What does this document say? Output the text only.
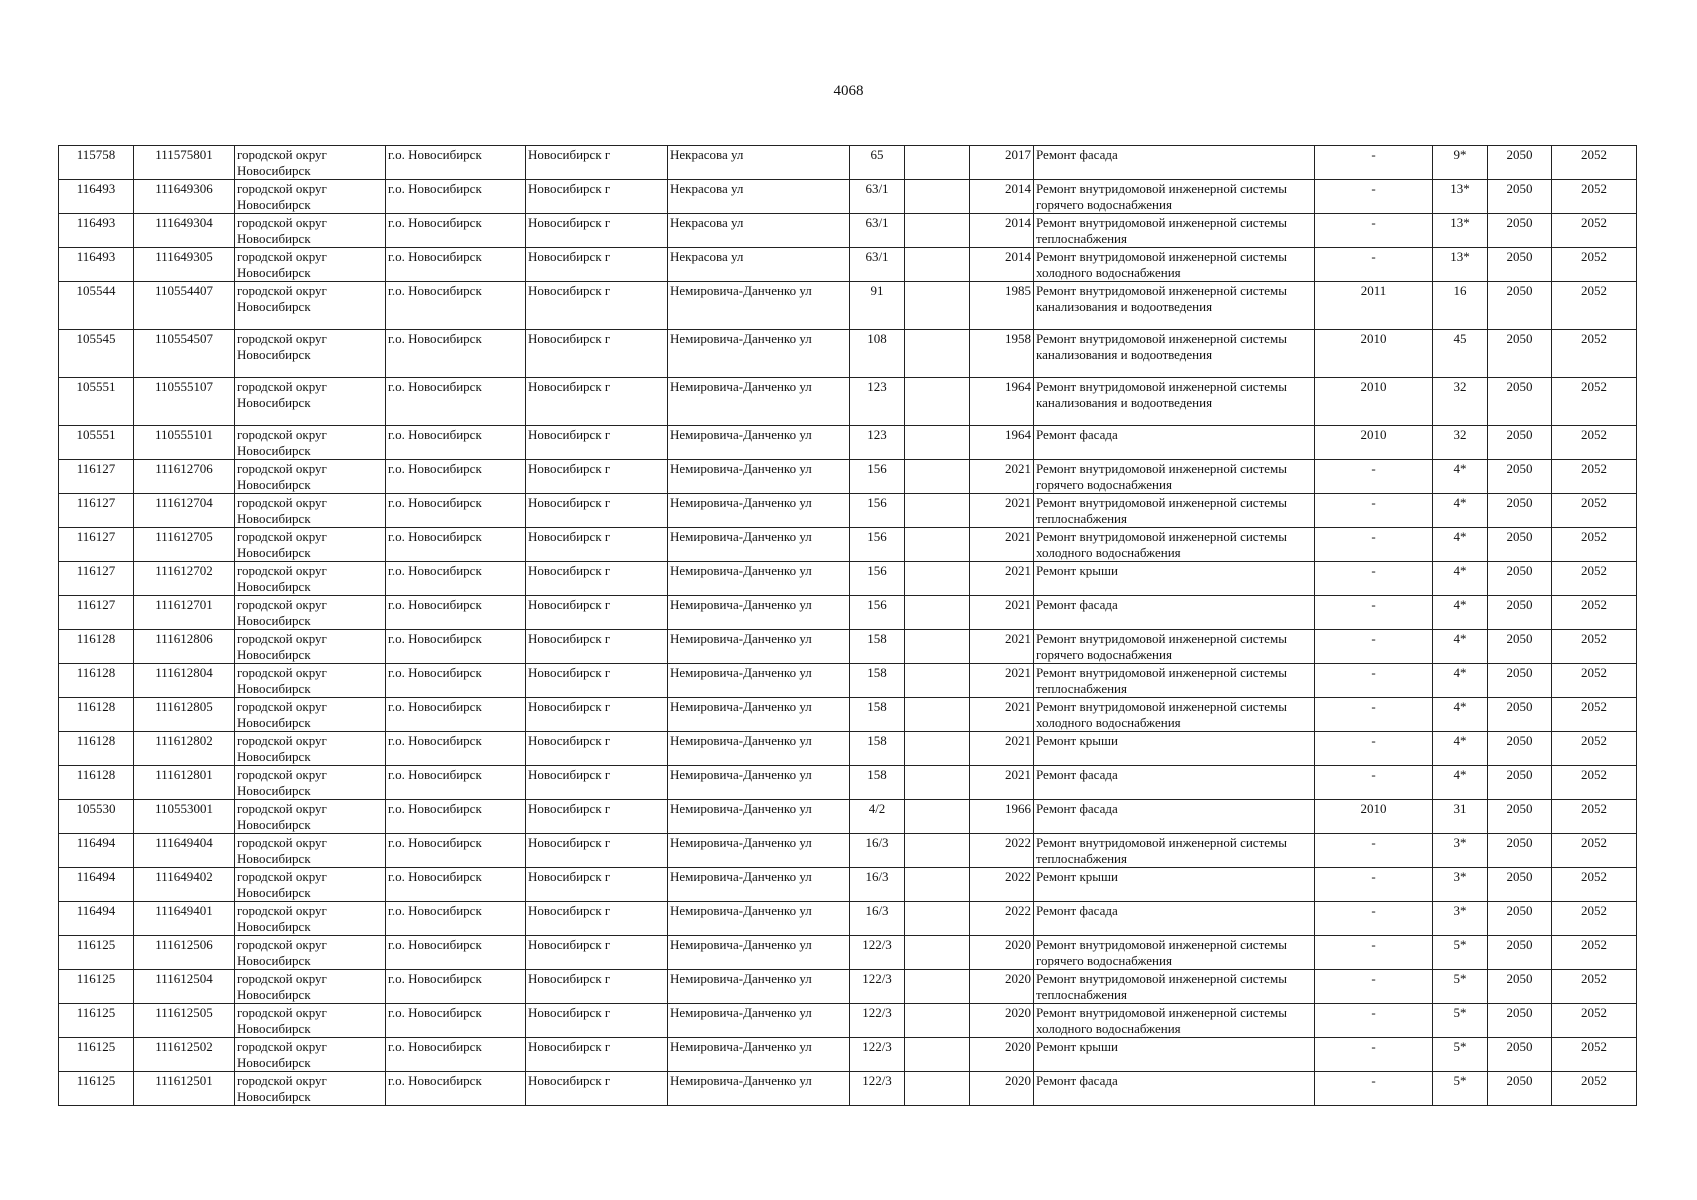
4068
115758	111575801	городской округ Новосибирск	г.о. Новосибирск	Новосибирск г	Некрасова ул	65		2017	Ремонт фасада	-	9*	2050	2052
116493	111649306	городской округ Новосибирск	г.о. Новосибирск	Новосибирск г	Некрасова ул	63/1		2014	Ремонт внутридомовой инженерной системы горячего водоснабжения	-	13*	2050	2052
116493	111649304	городской округ Новосибирск	г.о. Новосибирск	Новосибирск г	Некрасова ул	63/1		2014	Ремонт внутридомовой инженерной системы теплоснабжения	-	13*	2050	2052
116493	111649305	городской округ Новосибирск	г.о. Новосибирск	Новосибирск г	Некрасова ул	63/1		2014	Ремонт внутридомовой инженерной системы холодного водоснабжения	-	13*	2050	2052
105544	110554407	городской округ Новосибирск	г.о. Новосибирск	Новосибирск г	Немировича-Данченко ул	91		1985	Ремонт внутридомовой инженерной системы канализования и водоотведения	2011	16	2050	2052
105545	110554507	городской округ Новосибирск	г.о. Новосибирск	Новосибирск г	Немировича-Данченко ул	108		1958	Ремонт внутридомовой инженерной системы канализования и водоотведения	2010	45	2050	2052
105551	110555107	городской округ Новосибирск	г.о. Новосибирск	Новосибирск г	Немировича-Данченко ул	123		1964	Ремонт внутридомовой инженерной системы канализования и водоотведения	2010	32	2050	2052
105551	110555101	городской округ Новосибирск	г.о. Новосибирск	Новосибирск г	Немировича-Данченко ул	123		1964	Ремонт фасада	2010	32	2050	2052
116127	111612706	городской округ Новосибирск	г.о. Новосибирск	Новосибирск г	Немировича-Данченко ул	156		2021	Ремонт внутридомовой инженерной системы горячего водоснабжения	-	4*	2050	2052
116127	111612704	городской округ Новосибирск	г.о. Новосибирск	Новосибирск г	Немировича-Данченко ул	156		2021	Ремонт внутридомовой инженерной системы теплоснабжения	-	4*	2050	2052
116127	111612705	городской округ Новосибирск	г.о. Новосибирск	Новосибирск г	Немировича-Данченко ул	156		2021	Ремонт внутридомовой инженерной системы холодного водоснабжения	-	4*	2050	2052
116127	111612702	городской округ Новосибирск	г.о. Новосибирск	Новосибирск г	Немировича-Данченко ул	156		2021	Ремонт крыши	-	4*	2050	2052
116127	111612701	городской округ Новосибирск	г.о. Новосибирск	Новосибирск г	Немировича-Данченко ул	156		2021	Ремонт фасада	-	4*	2050	2052
116128	111612806	городской округ Новосибирск	г.о. Новосибирск	Новосибирск г	Немировича-Данченко ул	158		2021	Ремонт внутридомовой инженерной системы горячего водоснабжения	-	4*	2050	2052
116128	111612804	городской округ Новосибирск	г.о. Новосибирск	Новосибирск г	Немировича-Данченко ул	158		2021	Ремонт внутридомовой инженерной системы теплоснабжения	-	4*	2050	2052
116128	111612805	городской округ Новосибирск	г.о. Новосибирск	Новосибирск г	Немировича-Данченко ул	158		2021	Ремонт внутридомовой инженерной системы холодного водоснабжения	-	4*	2050	2052
116128	111612802	городской округ Новосибирск	г.о. Новосибирск	Новосибирск г	Немировича-Данченко ул	158		2021	Ремонт крыши	-	4*	2050	2052
116128	111612801	городской округ Новосибирск	г.о. Новосибирск	Новосибирск г	Немировича-Данченко ул	158		2021	Ремонт фасада	-	4*	2050	2052
105530	110553001	городской округ Новосибирск	г.о. Новосибирск	Новосибирск г	Немировича-Данченко ул	4/2		1966	Ремонт фасада	2010	31	2050	2052
116494	111649404	городской округ Новосибирск	г.о. Новосибирск	Новосибирск г	Немировича-Данченко ул	16/3		2022	Ремонт внутридомовой инженерной системы теплоснабжения	-	3*	2050	2052
116494	111649402	городской округ Новосибирск	г.о. Новосибирск	Новосибирск г	Немировича-Данченко ул	16/3		2022	Ремонт крыши	-	3*	2050	2052
116494	111649401	городской округ Новосибирск	г.о. Новосибирск	Новосибирск г	Немировича-Данченко ул	16/3		2022	Ремонт фасада	-	3*	2050	2052
116125	111612506	городской округ Новосибирск	г.о. Новосибирск	Новосибирск г	Немировича-Данченко ул	122/3		2020	Ремонт внутридомовой инженерной системы горячего водоснабжения	-	5*	2050	2052
116125	111612504	городской округ Новосибирск	г.о. Новосибирск	Новосибирск г	Немировича-Данченко ул	122/3		2020	Ремонт внутридомовой инженерной системы теплоснабжения	-	5*	2050	2052
116125	111612505	городской округ Новосибирск	г.о. Новосибирск	Новосибирск г	Немировича-Данченко ул	122/3		2020	Ремонт внутридомовой инженерной системы холодного водоснабжения	-	5*	2050	2052
116125	111612502	городской округ Новосибирск	г.о. Новосибирск	Новосибирск г	Немировича-Данченко ул	122/3		2020	Ремонт крыши	-	5*	2050	2052
116125	111612501	городской округ Новосибирск	г.о. Новосибирск	Новосибирск г	Немировича-Данченко ул	122/3		2020	Ремонт фасада	-	5*	2050	2052
